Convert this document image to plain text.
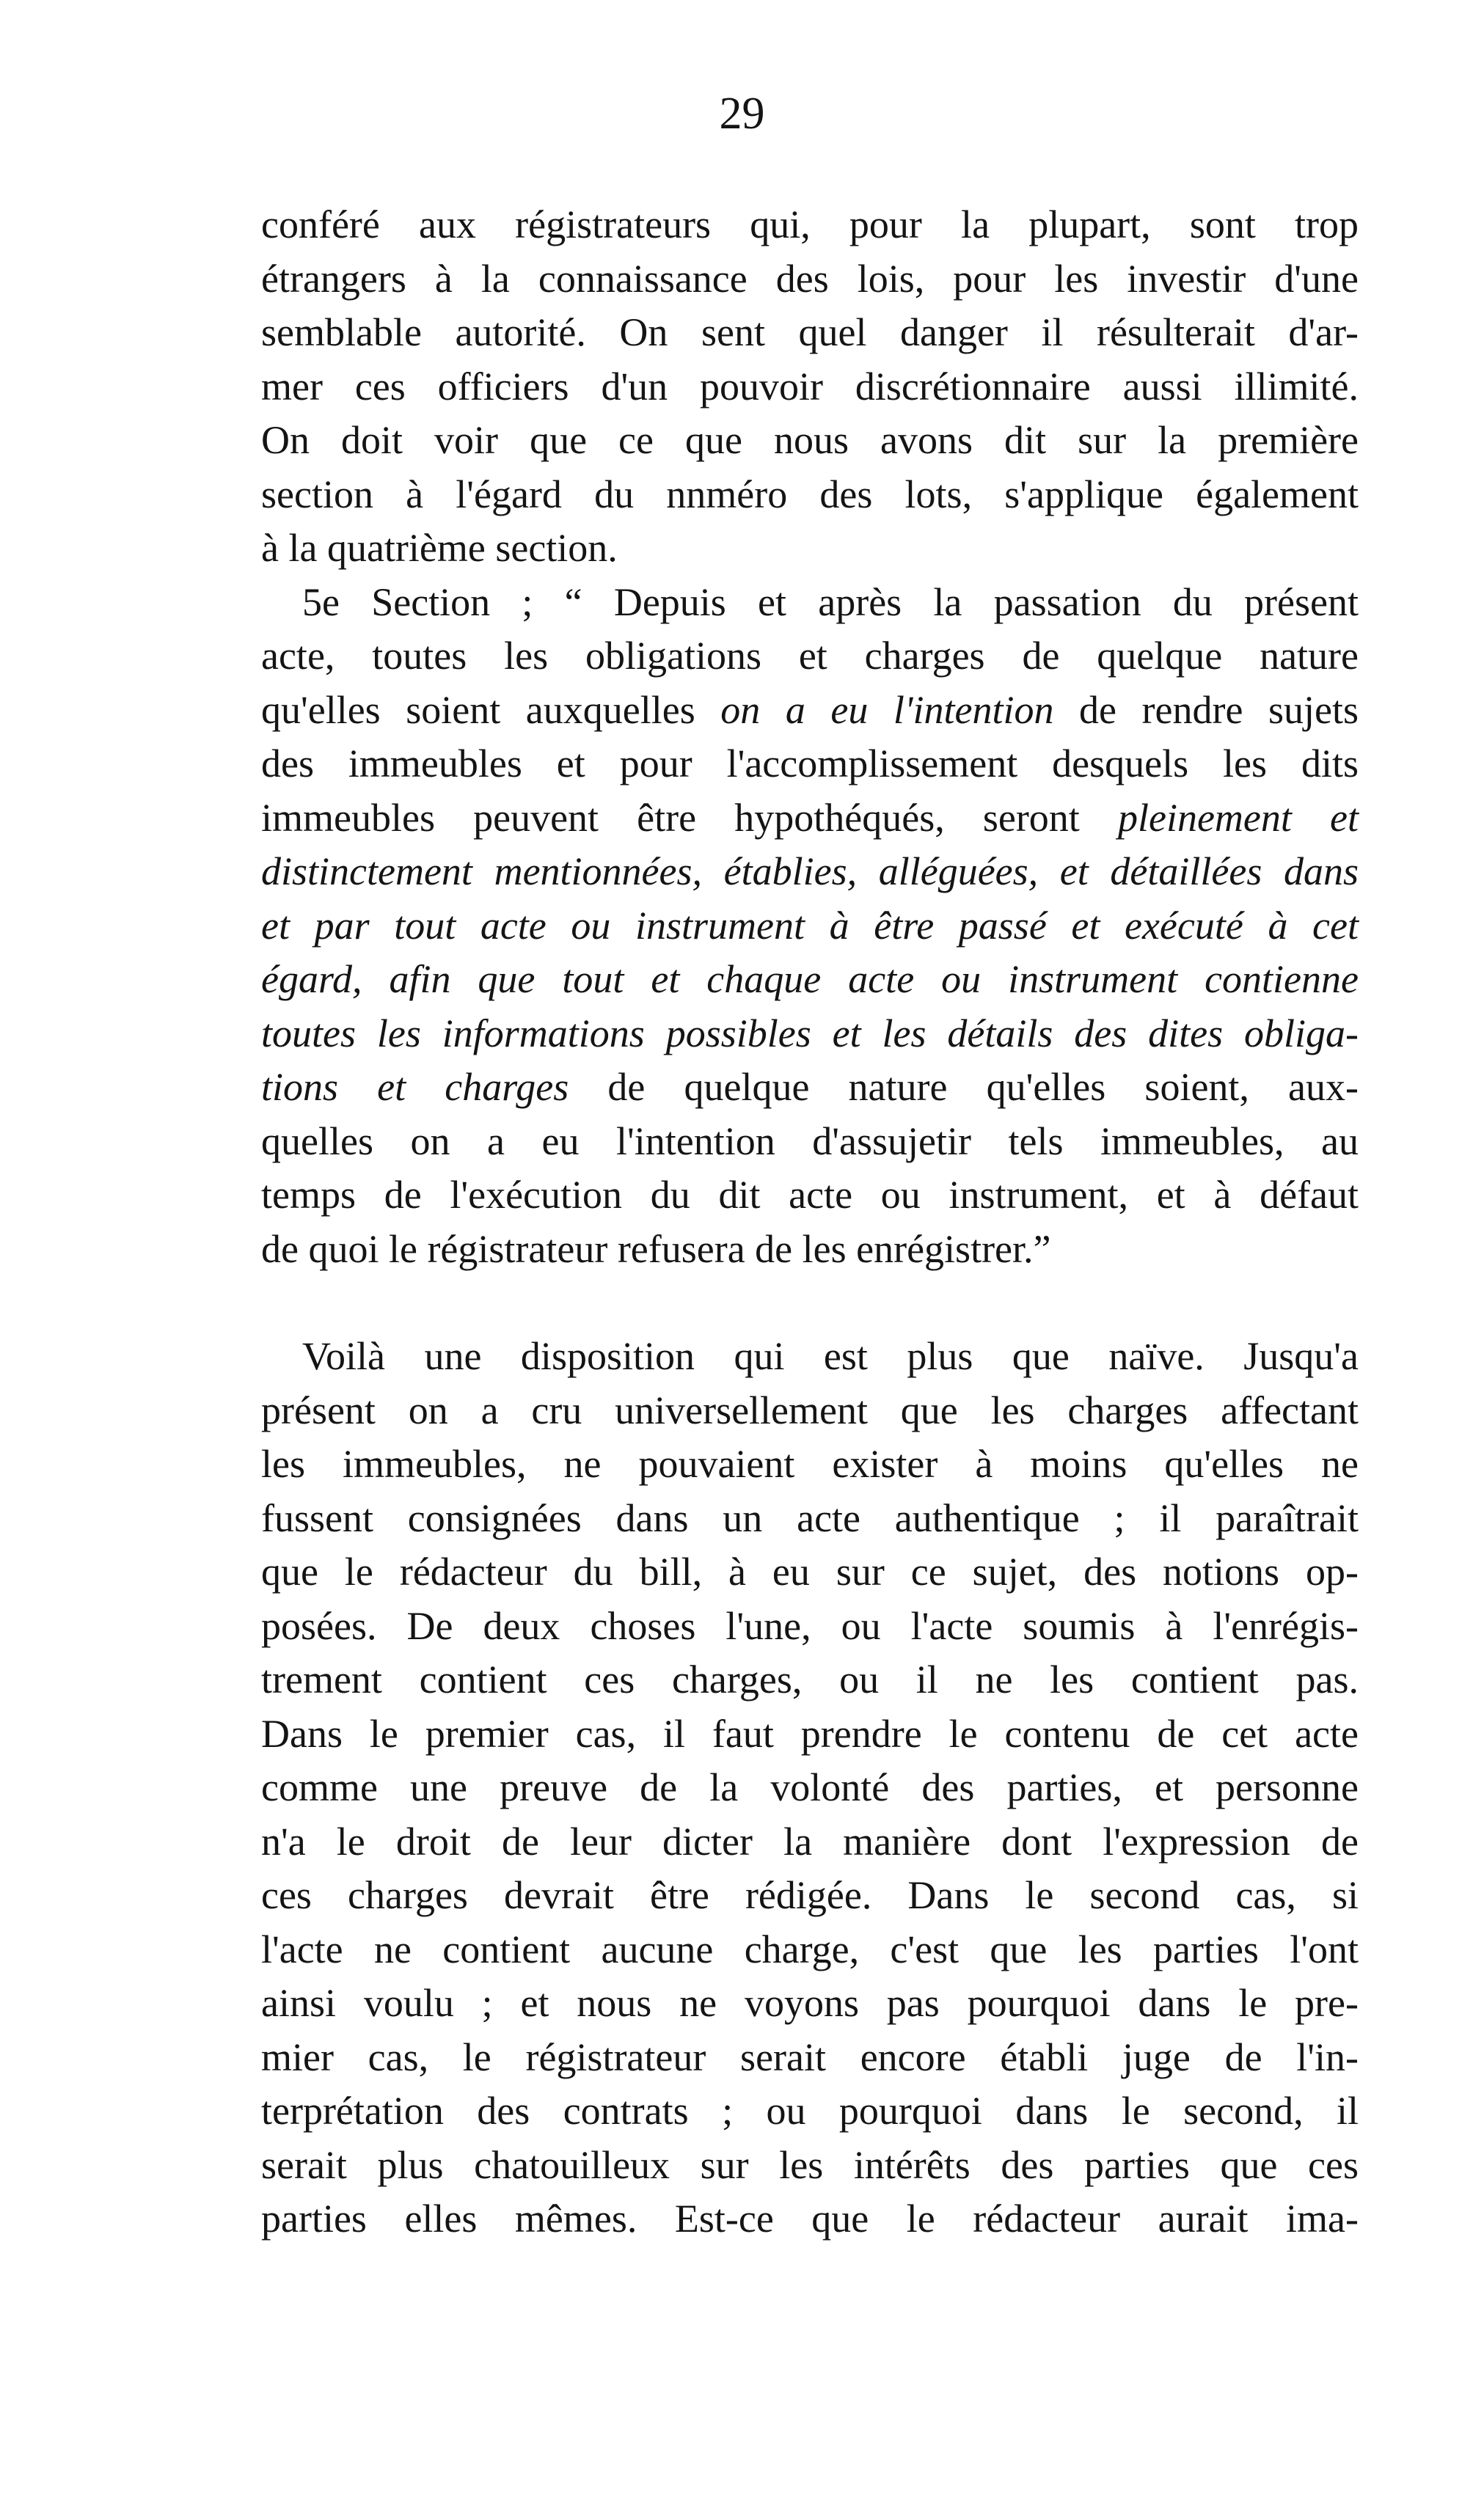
29
conféré aux régistrateurs qui, pour la plupart, sont trop
étrangers à la connaissance des lois, pour les investir d'une
semblable autorité. On sent quel danger il résulterait d'ar-
mer ces officiers d'un pouvoir discrétionnaire aussi illimité.
On doit voir que ce que nous avons dit sur la première
section à l'égard du nnméro des lots, s'applique également
à la quatrième section.
5e Section ; “ Depuis et après la passation du présent
acte, toutes les obligations et charges de quelque nature
qu'elles soient auxquelles on a eu l'intention de rendre sujets
des immeubles et pour l'accomplissement desquels les dits
immeubles peuvent être hypothéqués, seront pleinement et
distinctement mentionnées, établies, alléguées, et détaillées dans
et par tout acte ou instrument à être passé et exécuté à cet
égard, afin que tout et chaque acte ou instrument contienne
toutes les informations possibles et les détails des dites obliga-
tions et charges de quelque nature qu'elles soient, aux-
quelles on a eu l'intention d'assujetir tels immeubles, au
temps de l'exécution du dit acte ou instrument, et à défaut
de quoi le régistrateur refusera de les enrégistrer.”
Voilà une disposition qui est plus que naïve. Jusqu'a
présent on a cru universellement que les charges affectant
les immeubles, ne pouvaient exister à moins qu'elles ne
fussent consignées dans un acte authentique ; il paraîtrait
que le rédacteur du bill, à eu sur ce sujet, des notions op-
posées. De deux choses l'une, ou l'acte soumis à l'enrégis-
trement contient ces charges, ou il ne les contient pas.
Dans le premier cas, il faut prendre le contenu de cet acte
comme une preuve de la volonté des parties, et personne
n'a le droit de leur dicter la manière dont l'expression de
ces charges devrait être rédigée. Dans le second cas, si
l'acte ne contient aucune charge, c'est que les parties l'ont
ainsi voulu ; et nous ne voyons pas pourquoi dans le pre-
mier cas, le régistrateur serait encore établi juge de l'in-
terprétation des contrats ; ou pourquoi dans le second, il
serait plus chatouilleux sur les intérêts des parties que ces
parties elles mêmes. Est-ce que le rédacteur aurait ima-
